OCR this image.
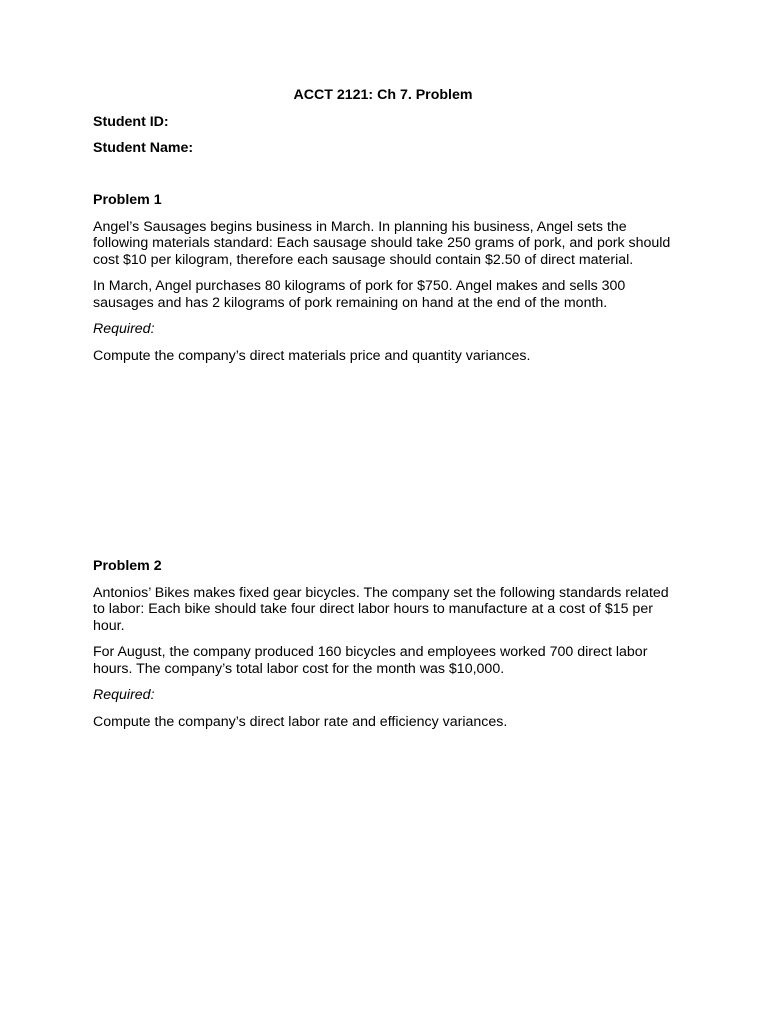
ACCT 2121: Ch 7. Problem
Student ID:
Student Name:
Problem 1
Angel’s Sausages begins business in March. In planning his business, Angel sets the following materials standard: Each sausage should take 250 grams of pork, and pork should cost $10 per kilogram, therefore each sausage should contain $2.50 of direct material.
In March, Angel purchases 80 kilograms of pork for $750. Angel makes and sells 300 sausages and has 2 kilograms of pork remaining on hand at the end of the month.
Required:
Compute the company’s direct materials price and quantity variances.
Problem 2
Antonios’ Bikes makes fixed gear bicycles. The company set the following standards related to labor: Each bike should take four direct labor hours to manufacture at a cost of $15 per hour.
For August, the company produced 160 bicycles and employees worked 700 direct labor hours. The company’s total labor cost for the month was $10,000.
Required:
Compute the company’s direct labor rate and efficiency variances.
